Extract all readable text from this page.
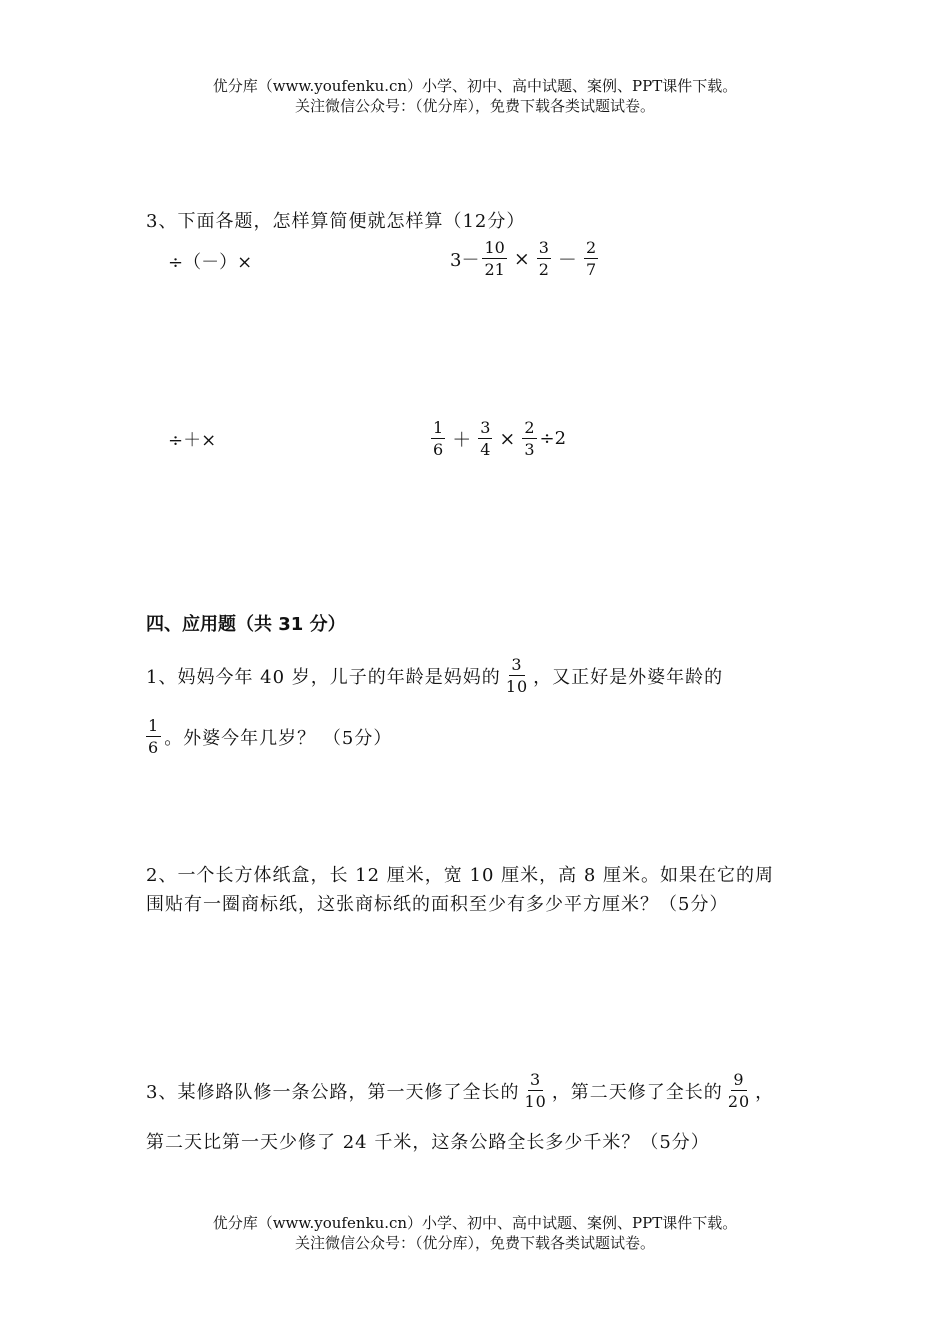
优分库（www.youfenku.cn）小学、初中、高中试题、案例、PPT课件下载。
关注微信公众号：（优分库），免费下载各类试题试卷。
3、下面各题，怎样算简便就怎样算（12分）
÷（－）×	$3- \frac{10}{21} \times \frac{3}{2} - \frac{2}{7}$
÷＋×	$\frac{1}{6} + \frac{3}{4} \times \frac{2}{3} \div 2$
四、应用题（共 31 分）
1、妈妈今年 40 岁，儿子的年龄是妈妈的 $\frac{3}{10}$ ，又正好是外婆年龄的
$\frac{1}{6}$ 。外婆今年几岁？ （5分）
2、一个长方体纸盒，长 12 厘米，宽 10 厘米，高 8 厘米。如果在它的周
围贴有一圈商标纸，这张商标纸的面积至少有多少平方厘米？（5分）
3、某修路队修一条公路，第一天修了全长的 $\frac{3}{10}$ ，第二天修了全长的 $\frac{9}{20}$ ，
第二天比第一天少修了 24 千米，这条公路全长多少千米？（5分）
优分库（www.youfenku.cn）小学、初中、高中试题、案例、PPT课件下载。
关注微信公众号：（优分库），免费下载各类试题试卷。
